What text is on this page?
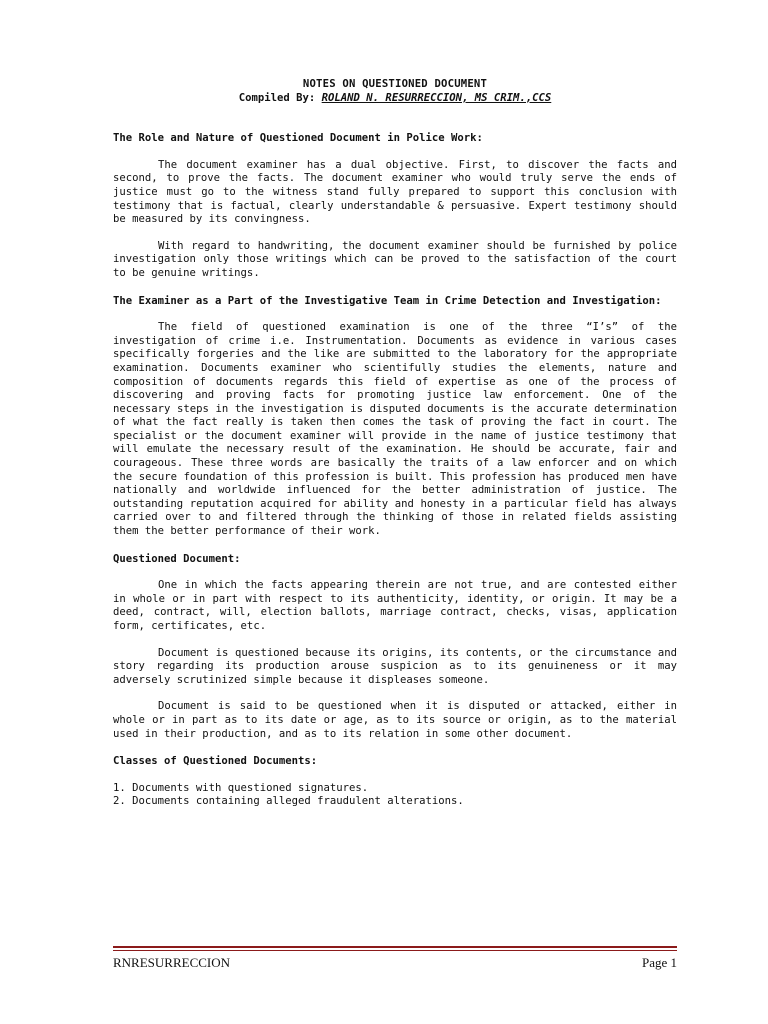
NOTES ON QUESTIONED DOCUMENT
Compiled By: ROLAND N. RESURRECCION, MS CRIM.,CCS
The Role and Nature of Questioned Document in Police Work:

The document examiner has a dual objective. First, to discover the facts and second, to prove the facts. The document examiner who would truly serve the ends of justice must go to the witness stand fully prepared to support this conclusion with testimony that is factual, clearly understandable & persuasive. Expert testimony should be measured by its convingness.

With regard to handwriting, the document examiner should be furnished by police investigation only those writings which can be proved to the satisfaction of the court to be genuine writings.

The Examiner as a Part of the Investigative Team in Crime Detection and Investigation:

The field of questioned examination is one of the three “I’s” of the investigation of crime i.e. Instrumentation. Documents as evidence in various cases specifically forgeries and the like are submitted to the laboratory for the appropriate examination. Documents examiner who scientifully studies the elements, nature and composition of documents regards this field of expertise as one of the process of discovering and proving facts for promoting justice law enforcement. One of the necessary steps in the investigation is disputed documents is the accurate determination of what the fact really is taken then comes the task of proving the fact in court. The specialist or the document examiner will provide in the name of justice testimony that will emulate the necessary result of the examination. He should be accurate, fair and courageous. These three words are basically the traits of a law enforcer and on which the secure foundation of this profession is built. This profession has produced men have nationally and worldwide influenced for the better administration of justice. The outstanding reputation acquired for ability and honesty in a particular field has always carried over to and filtered through the thinking of those in related fields assisting them the better performance of their work.

Questioned Document:

One in which the facts appearing therein are not true, and are contested either in whole or in part with respect to its authenticity, identity, or origin. It may be a deed, contract, will, election ballots, marriage contract, checks, visas, application form, certificates, etc.

Document is questioned because its origins, its contents, or the circumstance and story regarding its production arouse suspicion as to its genuineness or it may adversely scrutinized simple because it displeases someone.

Document is said to be questioned when it is disputed or attacked, either in whole or in part as to its date or age, as to its source or origin, as to the material used in their production, and as to its relation in some other document.

Classes of Questioned Documents:
1. Documents with questioned signatures.
2. Documents containing alleged fraudulent alterations.
RNRESURRECCION	Page 1
